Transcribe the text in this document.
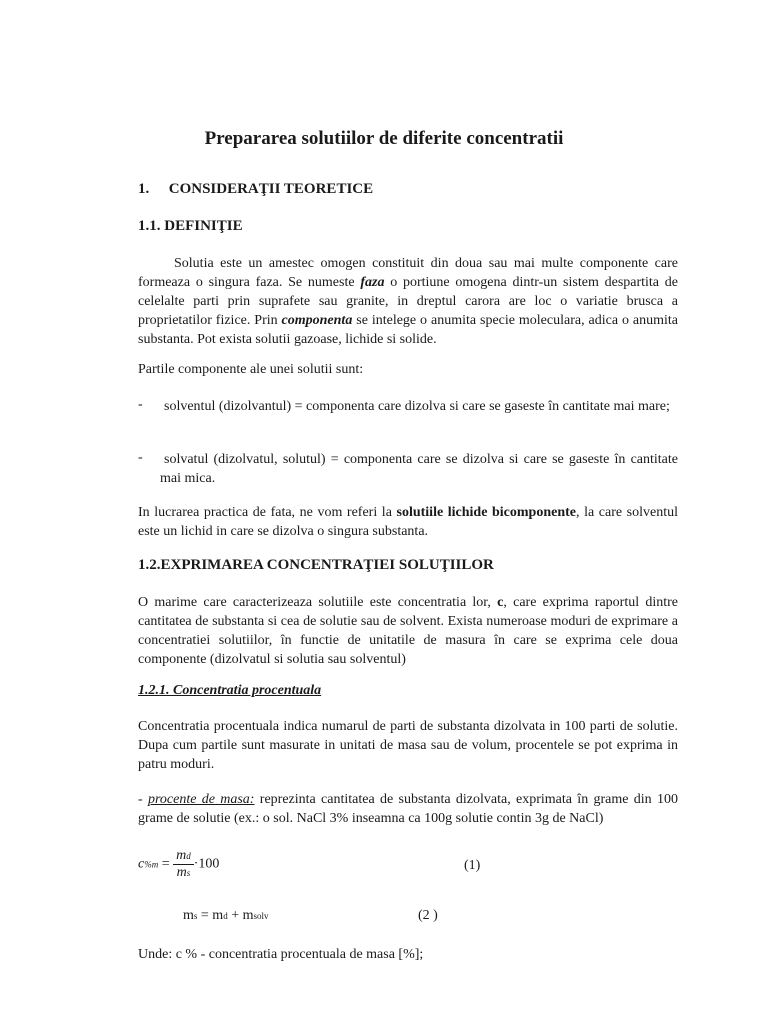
Prepararea solutiilor de diferite concentratii
1. CONSIDERAŢII TEORETICE
1.1. DEFINIŢIE
Solutia este un amestec omogen constituit din doua sau mai multe componente care formeaza o singura faza. Se numeste faza o portiune omogena dintr-un sistem despartita de celelalte parti prin suprafete sau granite, in dreptul carora are loc o variatie brusca a proprietatilor fizice. Prin componenta se intelege o anumita specie moleculara, adica o anumita substanta. Pot exista solutii gazoase, lichide si solide.
Partile componente ale unei solutii sunt:
- solventul (dizolvantul) = componenta care dizolva si care se gaseste în cantitate mai mare;
- solvatul (dizolvatul, solutul) = componenta care se dizolva si care se gaseste în cantitate mai mica.
In lucrarea practica de fata, ne vom referi la solutiile lichide bicomponente, la care solventul este un lichid in care se dizolva o singura substanta.
1.2.EXPRIMAREA CONCENTRAŢIEI SOLUŢIILOR
O marime care caracterizeaza solutiile este concentratia lor, c, care exprima raportul dintre cantitatea de substanta si cea de solutie sau de solvent. Exista numeroase moduri de exprimare a concentratiei solutiilor, în functie de unitatile de masura în care se exprima cele doua componente (dizolvatul si solutia sau solventul)
1.2.1. Concentratia procentuala
Concentratia procentuala indica numarul de parti de substanta dizolvata in 100 parti de solutie. Dupa cum partile sunt masurate in unitati de masa sau de volum, procentele se pot exprima in patru moduri.
- procente de masa: reprezinta cantitatea de substanta dizolvata, exprimata în grame din 100 grame de solutie (ex.: o sol. NaCl 3% inseamna ca 100g solutie contin 3g de NaCl)
$c\%m = \frac{md}{ms} \cdot 100$	(1)
ms = md + msolv	(2 )
Unde: c % - concentratia procentuala de masa [%];
